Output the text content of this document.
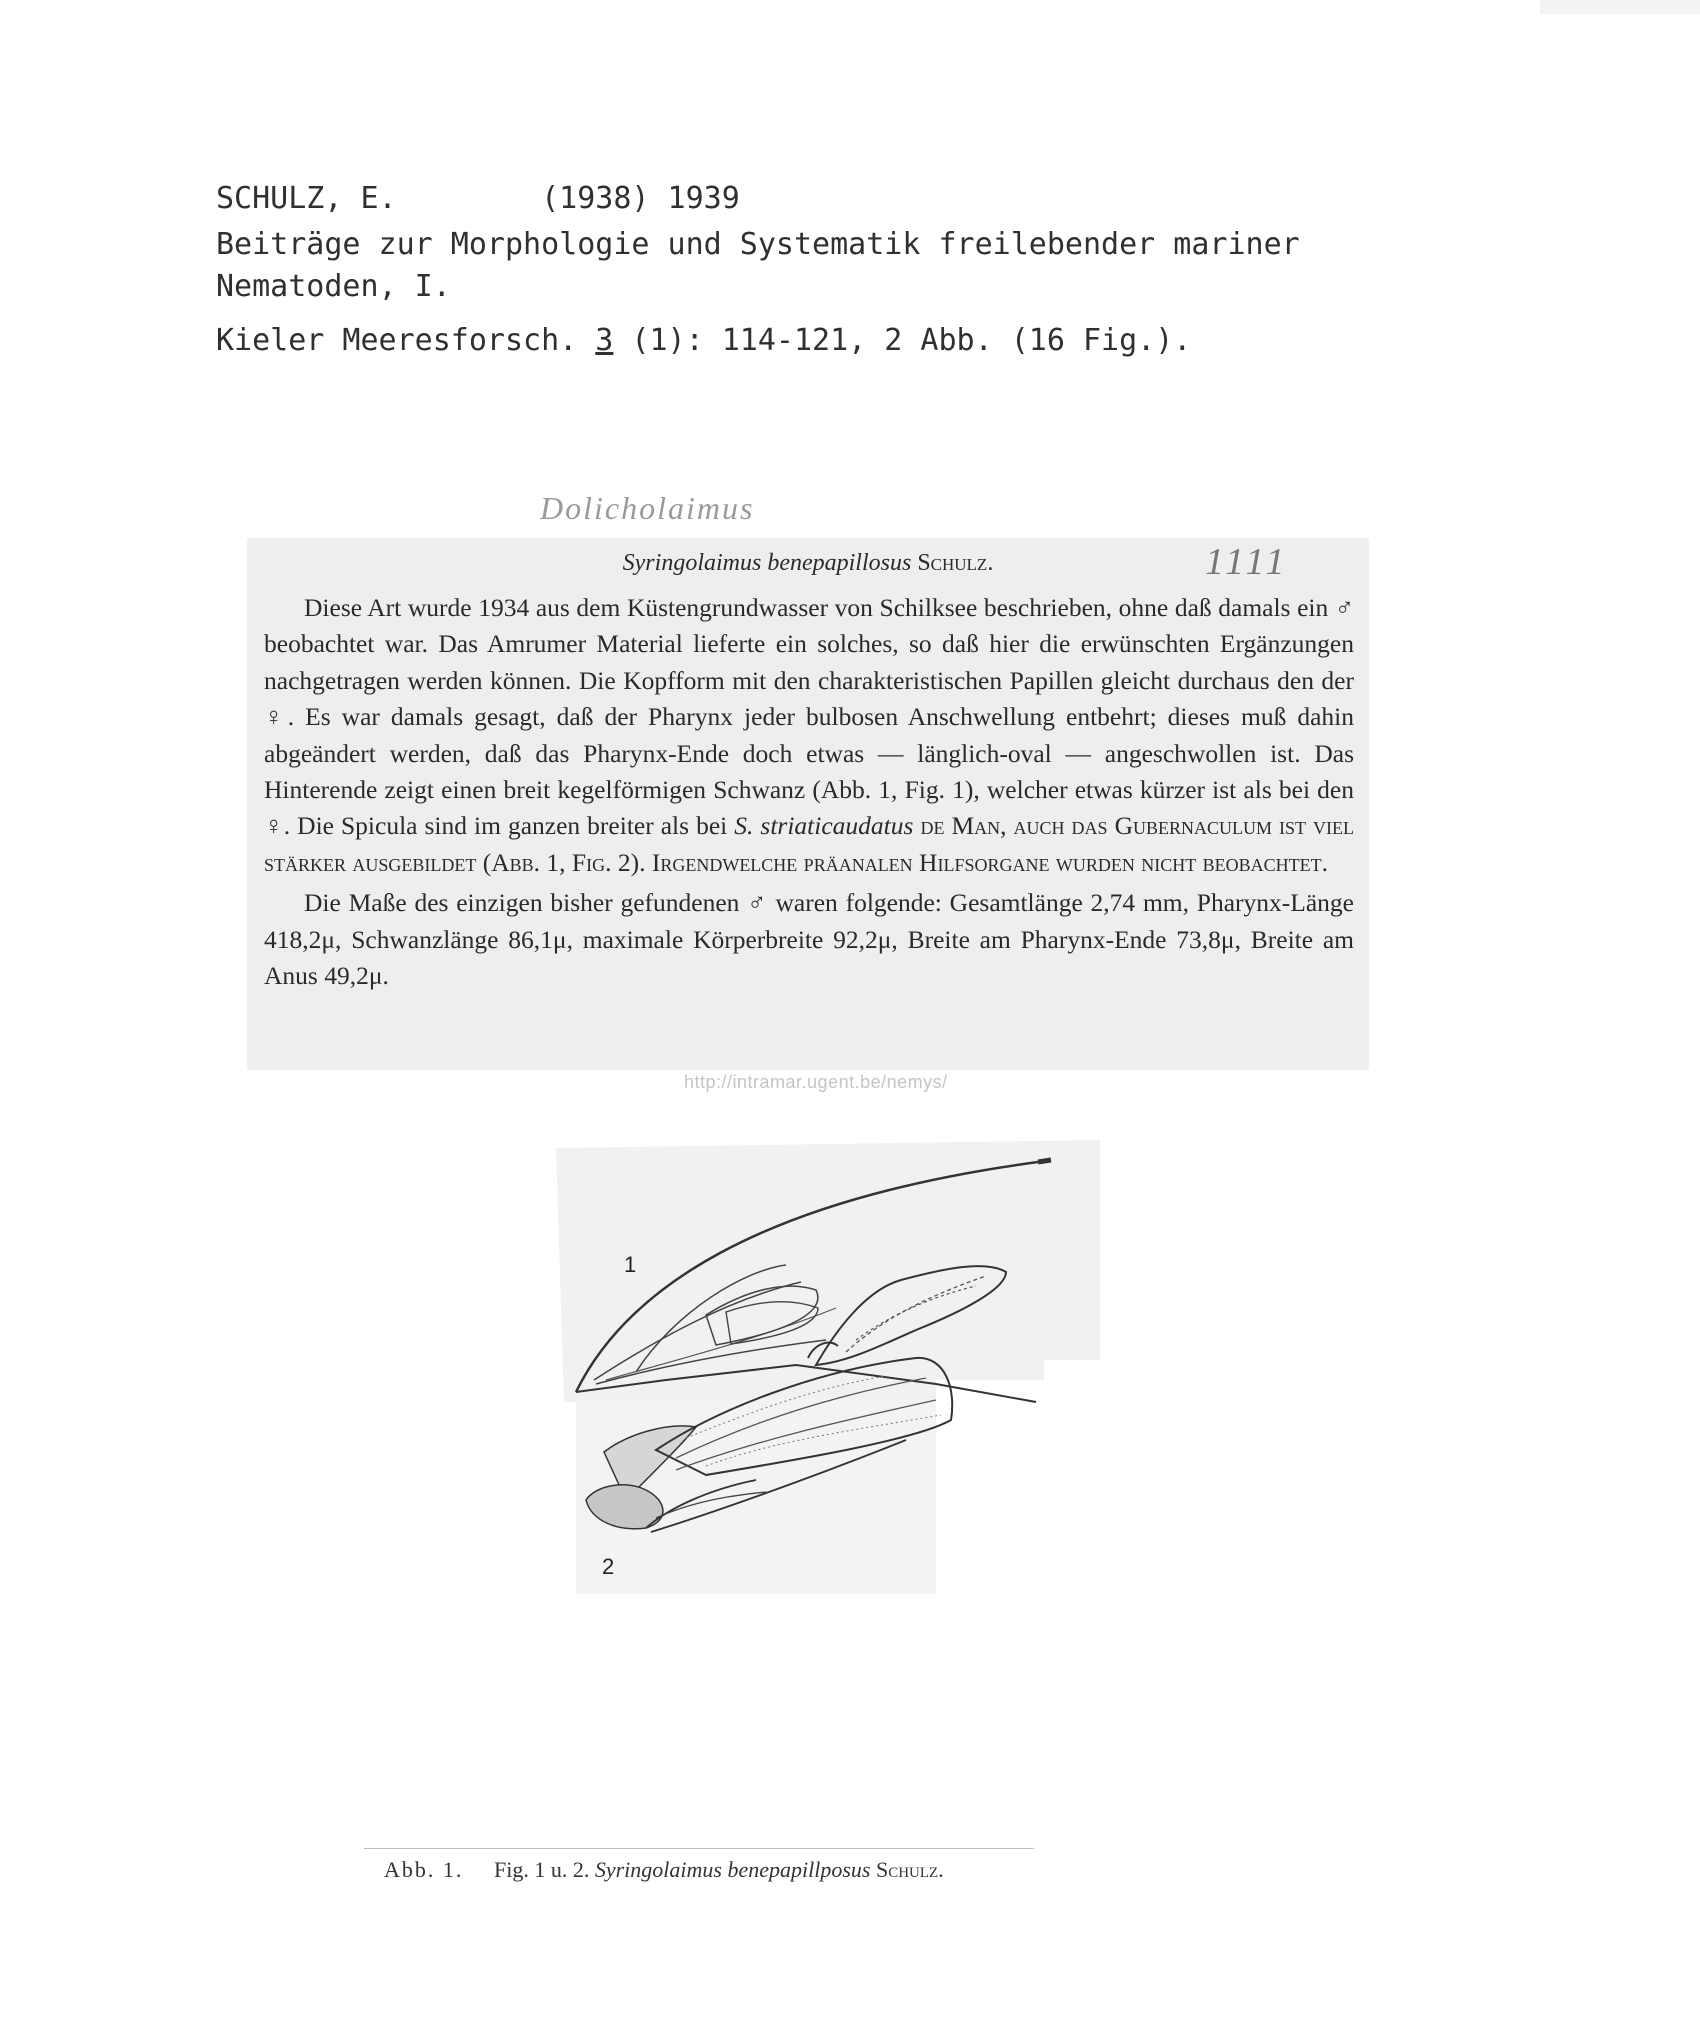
SCHULZ, E.	(1938) 1939
Beiträge zur Morphologie und Systematik freilebender mariner
Nematoden, I.
Kieler Meeresforsch. 3 (1): 114-121, 2 Abb. (16 Fig.).
Dolicholaimus
Syringolaimus benepapillosus Schulz.	1111

Diese Art wurde 1934 aus dem Küstengrundwasser von Schilksee beschrieben, ohne daß damals ein ♂ beobachtet war. Das Amrumer Material lieferte ein solches, so daß hier die erwünschten Ergänzungen nachgetragen werden können. Die Kopfform mit den charakteristischen Papillen gleicht durchaus den der ♀. Es war damals gesagt, daß der Pharynx jeder bulbosen Anschwellung entbehrt; dieses muß dahin abgeändert werden, daß das Pharynx-Ende doch etwas — länglich-oval — angeschwollen ist. Das Hinterende zeigt einen breit kegelförmigen Schwanz (Abb. 1, Fig. 1), welcher etwas kürzer ist als bei den ♀. Die Spicula sind im ganzen breiter als bei S. striaticaudatus de Man, auch das Gubernaculum ist viel stärker ausgebildet (Abb. 1, Fig. 2). Irgendwelche präanalen Hilfsorgane wurden nicht beobachtet.

Die Maße des einzigen bisher gefundenen ♂ waren folgende: Gesamtlänge 2,74 mm, Pharynx-Länge 418,2μ, Schwanzlänge 86,1μ, maximale Körperbreite 92,2μ, Breite am Pharynx-Ende 73,8μ, Breite am Anus 49,2μ.

http://intramar.ugent.be/nemys/
1
2
Abb. 1. Fig. 1 u. 2. Syringolaimus benepapillposus Schulz.
